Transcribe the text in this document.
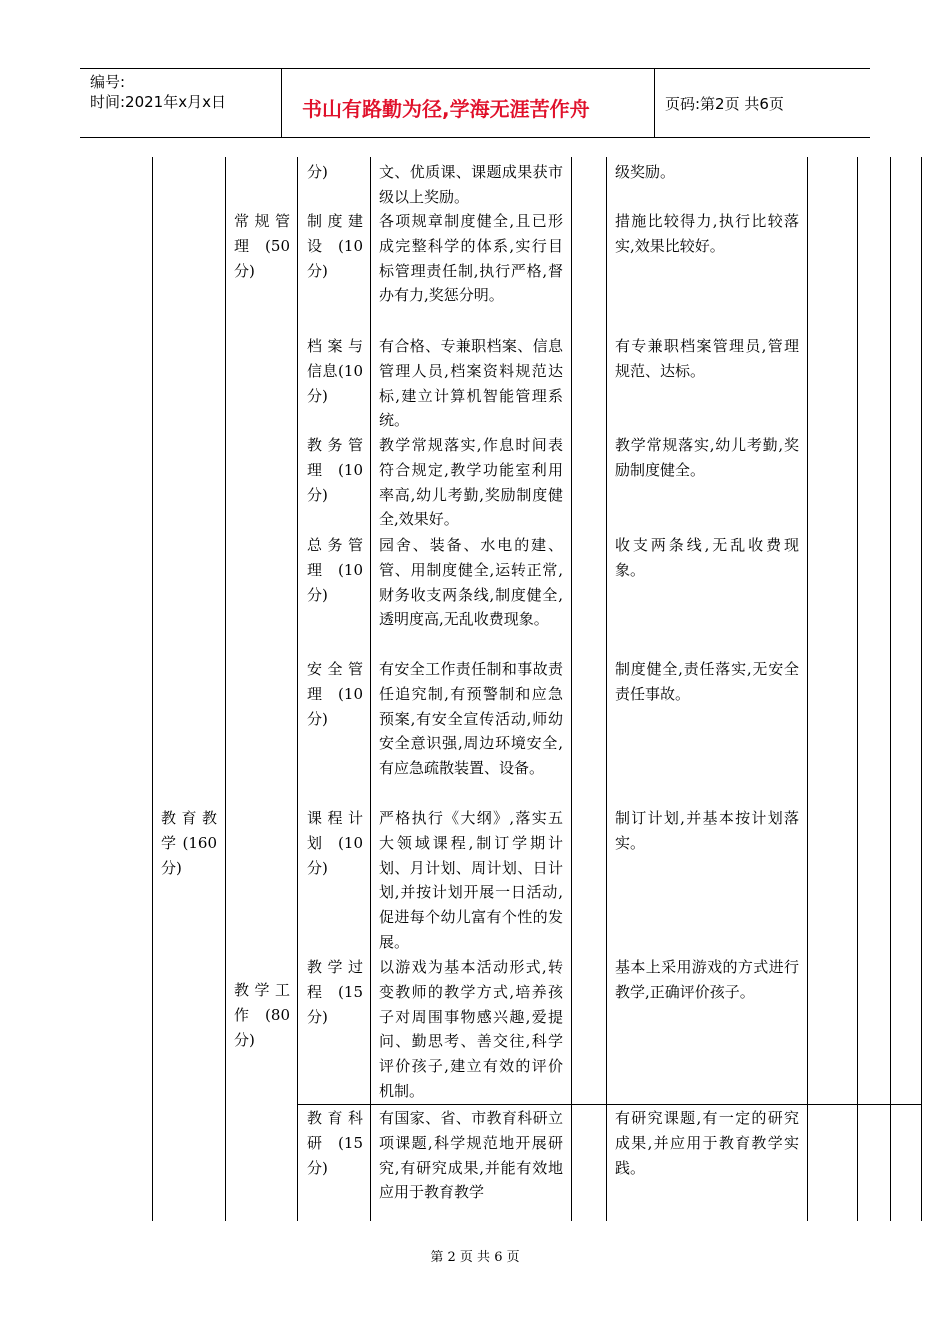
编号:
时间:2021年x月x日	书山有路勤为径,学海无涯苦作舟	页码:第2页 共6页
教育教学(160分)
常规管理(50分)
教学工作(80分)
分)
制度建设(10分)
档案与信息(10分)
教务管理(10分)
总务管理(10分)
安全管理(10分)
课程计划(10分)
教学过程(15分)
教育科研(15分)
文、优质课、课题成果获市级以上奖励。
各项规章制度健全,且已形成完整科学的体系,实行目标管理责任制,执行严格,督办有力,奖惩分明。
有合格、专兼职档案、信息管理人员,档案资料规范达标,建立计算机智能管理系统。
教学常规落实,作息时间表符合规定,教学功能室利用率高,幼儿考勤,奖励制度健全,效果好。
园舍、装备、水电的建、管、用制度健全,运转正常,财务收支两条线,制度健全,透明度高,无乱收费现象。
有安全工作责任制和事故责任追究制,有预警制和应急预案,有安全宣传活动,师幼安全意识强,周边环境安全,有应急疏散装置、设备。
严格执行《大纲》,落实五大领域课程,制订学期计划、月计划、周计划、日计划,并按计划开展一日活动,促进每个幼儿富有个性的发展。
以游戏为基本活动形式,转变教师的教学方式,培养孩子对周围事物感兴趣,爱提问、勤思考、善交往,科学评价孩子,建立有效的评价机制。
有国家、省、市教育科研立项课题,科学规范地开展研究,有研究成果,并能有效地应用于教育教学
级奖励。
措施比较得力,执行比较落实,效果比较好。
有专兼职档案管理员,管理规范、达标。
教学常规落实,幼儿考勤,奖励制度健全。
收支两条线,无乱收费现象。
制度健全,责任落实,无安全责任事故。
制订计划,并基本按计划落实。
基本上采用游戏的方式进行教学,正确评价孩子。
有研究课题,有一定的研究成果,并应用于教育教学实践。
第 2 页 共 6 页
